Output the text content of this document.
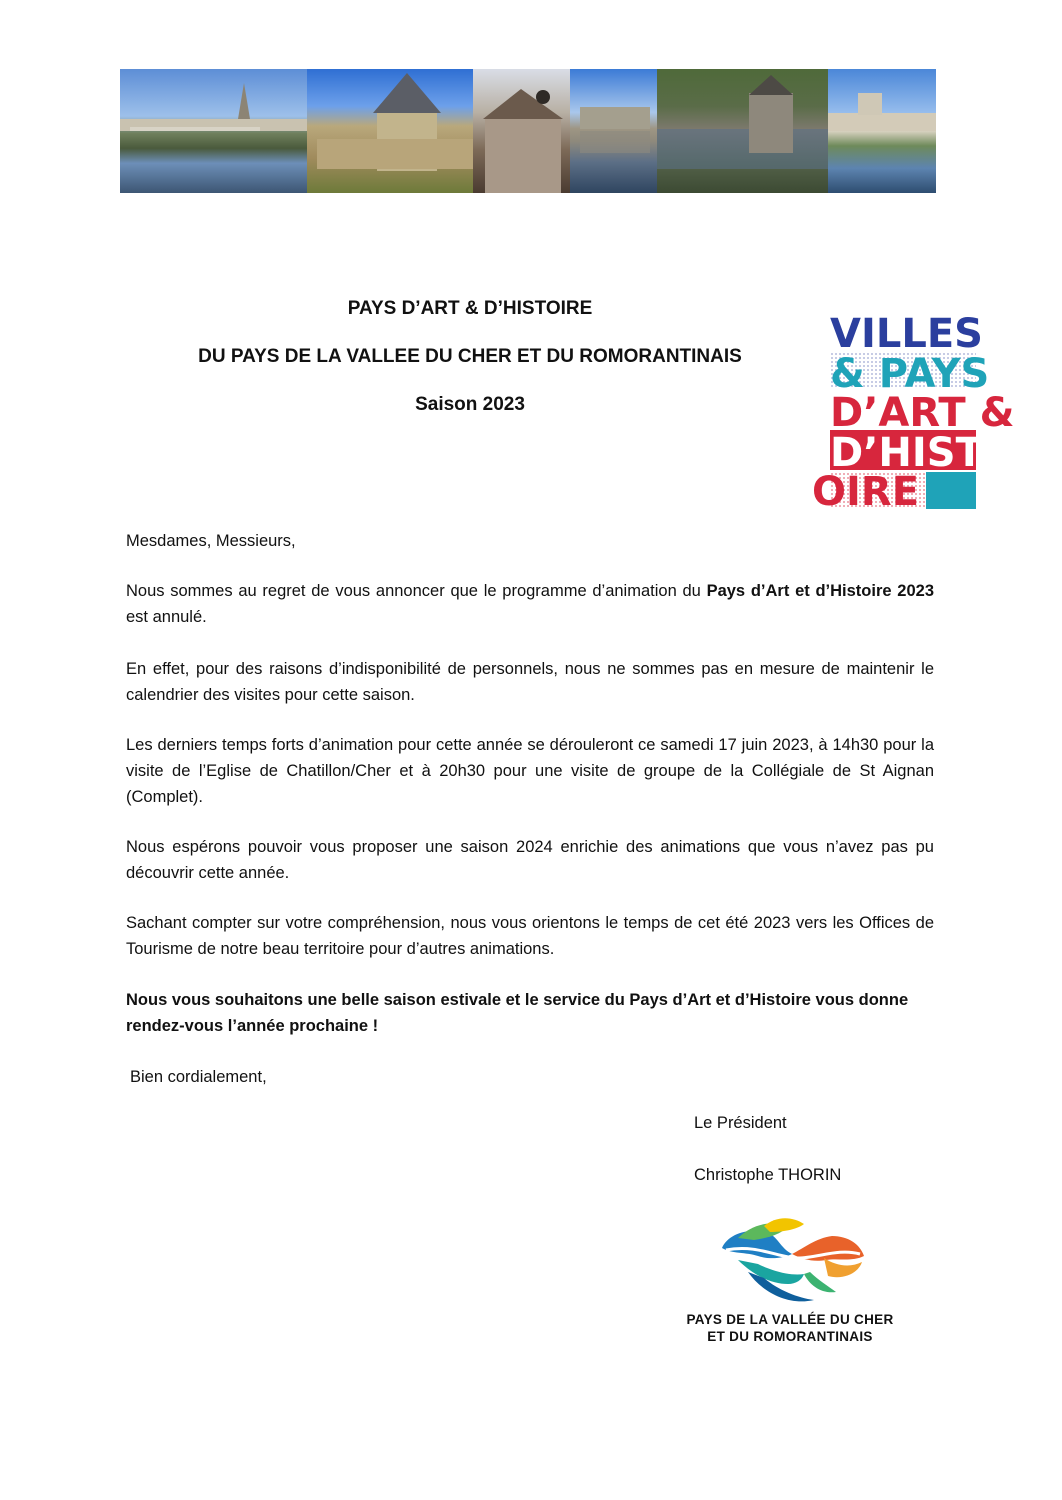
PAYS D’ART & D’HISTOIRE
DU PAYS DE LA VALLEE DU CHER ET DU ROMORANTINAIS
Saison 2023
VILLES
& PAYS
D’ART &
D’HISTO
OIRE
Mesdames, Messieurs,
Nous sommes au regret de vous annoncer que le programme d’animation du Pays d’Art et d’Histoire 2023 est annulé.
En effet, pour des raisons d’indisponibilité de personnels, nous ne sommes pas en mesure de maintenir le calendrier des visites pour cette saison.
Les derniers temps forts d’animation pour cette année se dérouleront ce samedi 17 juin 2023, à 14h30 pour la visite de l’Eglise de Chatillon/Cher et à 20h30 pour une visite de groupe de la Collégiale de St Aignan (Complet).
Nous espérons pouvoir vous proposer une saison 2024 enrichie des animations que vous n’avez pas pu découvrir cette année.
Sachant compter sur votre compréhension, nous vous orientons le temps de cet été 2023 vers les Offices de Tourisme de notre beau territoire pour d’autres animations.
Nous vous souhaitons une belle saison estivale et le service du Pays d’Art et d’Histoire vous donne rendez-vous l’année prochaine !
Bien cordialement,
Le Président
Christophe THORIN
PAYS DE LA VALLÉE DU CHER
ET DU ROMORANTINAIS
